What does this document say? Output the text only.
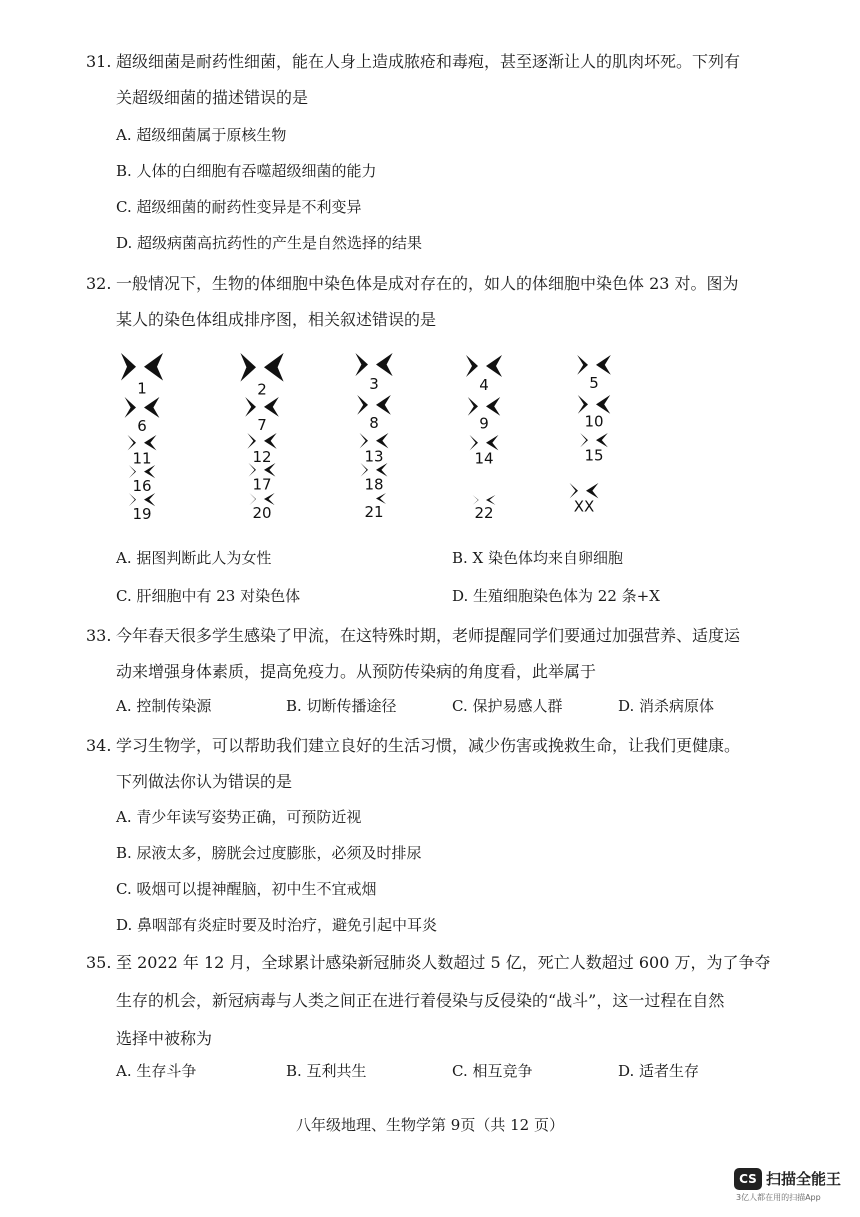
31. 超级细菌是耐药性细菌，能在人身上造成脓疮和毒疱，甚至逐渐让人的肌肉坏死。下列有
关超级细菌的描述错误的是
A. 超级细菌属于原核生物
B. 人体的白细胞有吞噬超级细菌的能力
C. 超级细菌的耐药性变异是不利变异
D. 超级病菌高抗药性的产生是自然选择的结果
32. 一般情况下，生物的体细胞中染色体是成对存在的，如人的体细胞中染色体 23 对。图为
某人的染色体组成排序图，相关叙述错误的是
1	2	3	4	5
6	7	8	9	10
11	12	13	14	15
16	17	18
19	20	21	22	XX
A. 据图判断此人为女性	B. X 染色体均来自卵细胞
C. 肝细胞中有 23 对染色体	D. 生殖细胞染色体为 22 条+X
33. 今年春天很多学生感染了甲流，在这特殊时期，老师提醒同学们要通过加强营养、适度运
动来增强身体素质，提高免疫力。从预防传染病的角度看，此举属于
A. 控制传染源	B. 切断传播途径	C. 保护易感人群	D. 消杀病原体
34. 学习生物学，可以帮助我们建立良好的生活习惯，减少伤害或挽救生命，让我们更健康。
下列做法你认为错误的是
A. 青少年读写姿势正确，可预防近视
B. 尿液太多，膀胱会过度膨胀，必须及时排尿
C. 吸烟可以提神醒脑，初中生不宜戒烟
D. 鼻咽部有炎症时要及时治疗，避免引起中耳炎
35. 至 2022 年 12 月，全球累计感染新冠肺炎人数超过 5 亿，死亡人数超过 600 万，为了争夺
生存的机会，新冠病毒与人类之间正在进行着侵染与反侵染的“战斗”，这一过程在自然
选择中被称为
A. 生存斗争	B. 互利共生	C. 相互竞争	D. 适者生存
八年级地理、生物学第 9页（共 12 页）
CS 扫描全能王
3亿人都在用的扫描App
